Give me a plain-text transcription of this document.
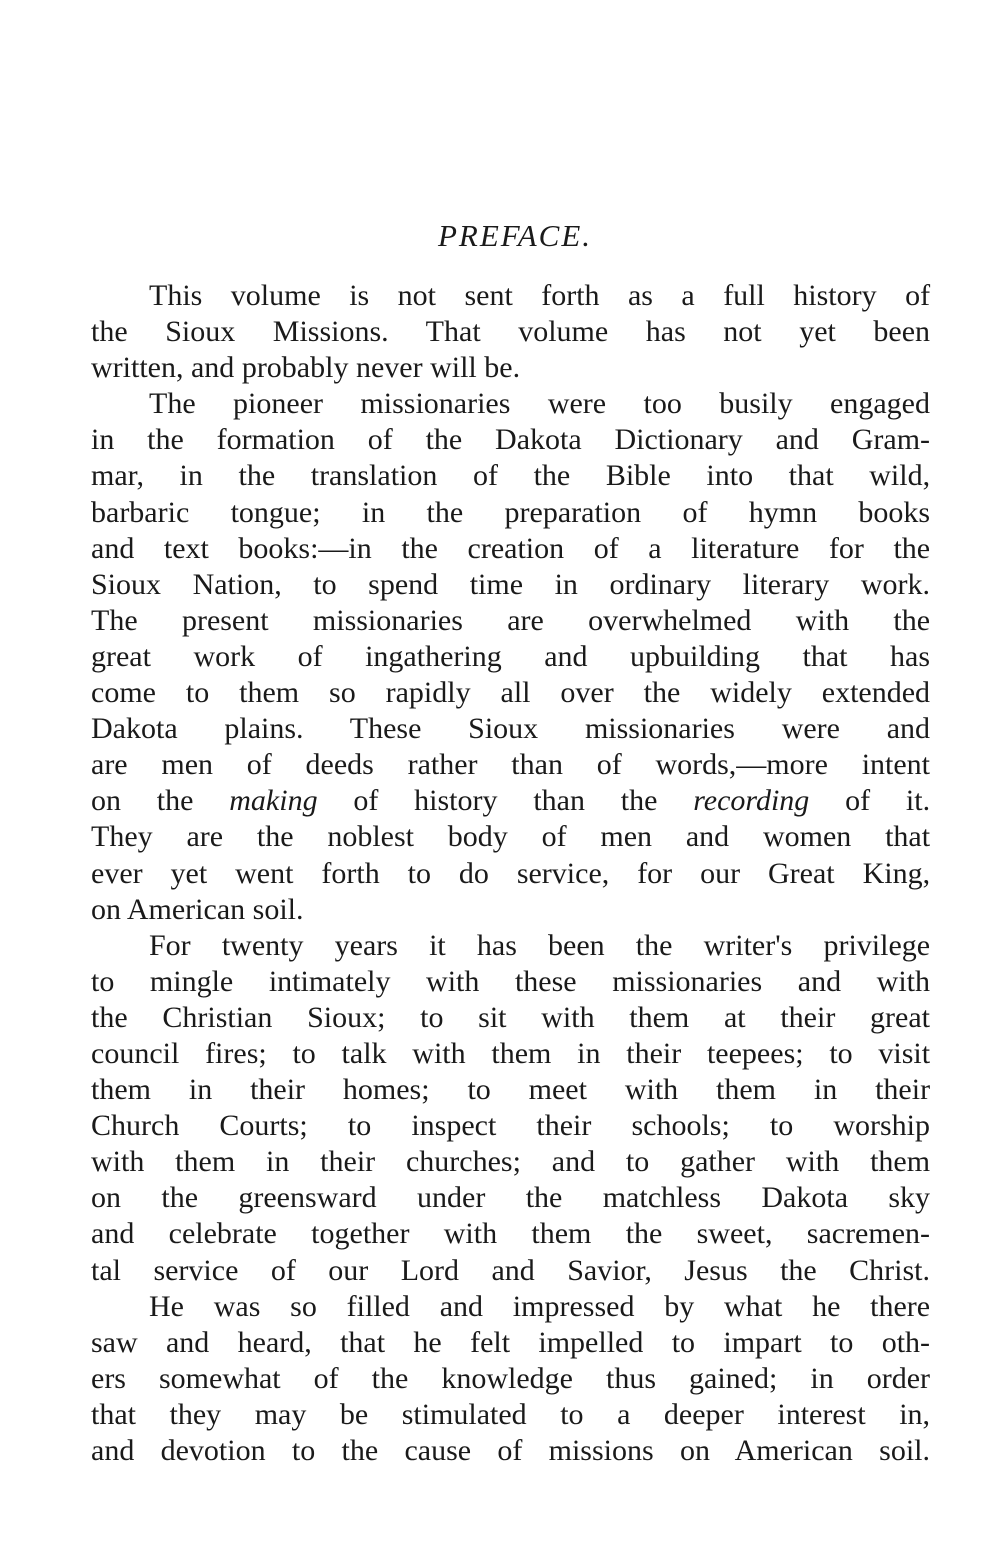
PREFACE.
This volume is not sent forth as a full history of
the Sioux Missions. That volume has not yet been
written, and probably never will be.
The pioneer missionaries were too busily engaged
in the formation of the Dakota Dictionary and Gram-
mar, in the translation of the Bible into that wild,
barbaric tongue; in the preparation of hymn books
and text books:—in the creation of a literature for the
Sioux Nation, to spend time in ordinary literary work.
The present missionaries are overwhelmed with the
great work of ingathering and upbuilding that has
come to them so rapidly all over the widely extended
Dakota plains. These Sioux missionaries were and
are men of deeds rather than of words,—more intent
on the making of history than the recording of it.
They are the noblest body of men and women that
ever yet went forth to do service, for our Great King,
on American soil.
For twenty years it has been the writer's privilege
to mingle intimately with these missionaries and with
the Christian Sioux; to sit with them at their great
council fires; to talk with them in their teepees; to visit
them in their homes; to meet with them in their
Church Courts; to inspect their schools; to worship
with them in their churches; and to gather with them
on the greensward under the matchless Dakota sky
and celebrate together with them the sweet, sacremen-
tal service of our Lord and Savior, Jesus the Christ.
He was so filled and impressed by what he there
saw and heard, that he felt impelled to impart to oth-
ers somewhat of the knowledge thus gained; in order
that they may be stimulated to a deeper interest in,
and devotion to the cause of missions on American soil.
